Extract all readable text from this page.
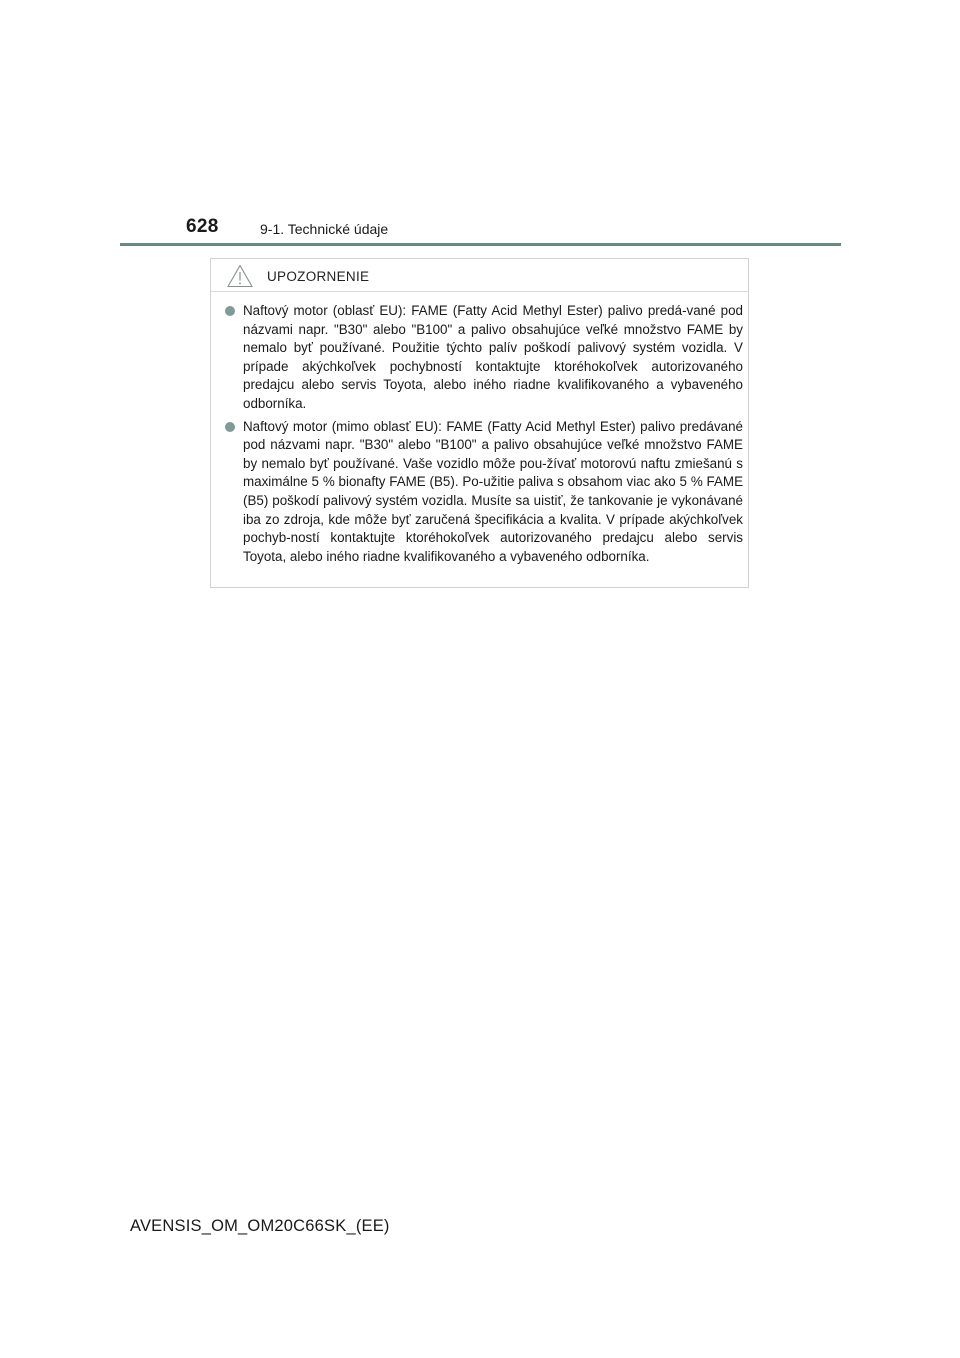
628	9-1. Technické údaje
UPOZORNENIE
Naftový motor (oblasť EU): FAME (Fatty Acid Methyl Ester) palivo predá-vané pod názvami napr. "B30" alebo "B100" a palivo obsahujúce veľké množstvo FAME by nemalo byť používané. Použitie týchto palív poškodí palivový systém vozidla. V prípade akýchkoľvek pochybností kontaktujte ktoréhokoľvek autorizovaného predajcu alebo servis Toyota, alebo iného riadne kvalifikovaného a vybaveného odborníka.
Naftový motor (mimo oblasť EU): FAME (Fatty Acid Methyl Ester) palivo predávané pod názvami napr. "B30" alebo "B100" a palivo obsahujúce veľké množstvo FAME by nemalo byť používané. Vaše vozidlo môže pou-žívať motorovú naftu zmiešanú s maximálne 5 % bionafty FAME (B5). Po-užitie paliva s obsahom viac ako 5 % FAME (B5) poškodí palivový systém vozidla. Musíte sa uistiť, že tankovanie je vykonávané iba zo zdroja, kde môže byť zaručená špecifikácia a kvalita. V prípade akýchkoľvek pochyb-ností kontaktujte ktoréhokoľvek autorizovaného predajcu alebo servis Toyota, alebo iného riadne kvalifikovaného a vybaveného odborníka.
AVENSIS_OM_OM20C66SK_(EE)
